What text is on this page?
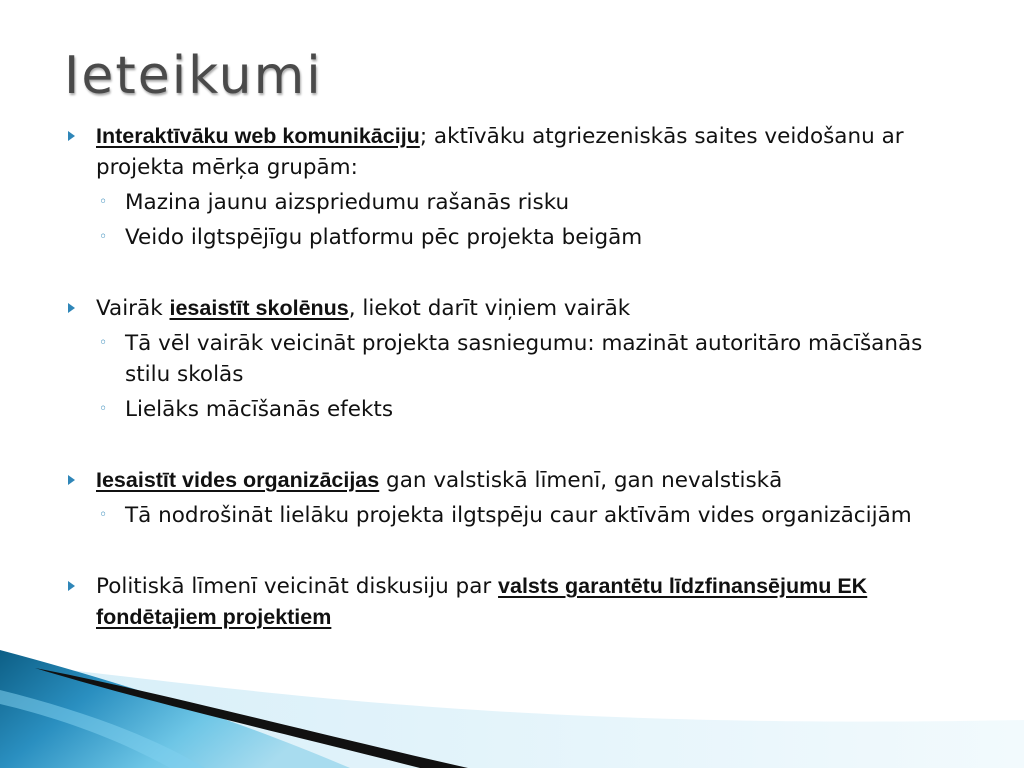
Ieteikumi
Interaktīvāku web komunikāciju; aktīvāku atgriezeniskās saites veidošanu ar projekta mērķa grupām:
◦ Mazina jaunu aizspriedumu rašanās risku
◦ Veido ilgtspējīgu platformu pēc projekta beigām
Vairāk iesaistīt skolēnus, liekot darīt viņiem vairāk
◦ Tā vēl vairāk veicināt projekta sasniegumu: mazināt autoritāro mācīšanās stilu skolās
◦ Lielāks mācīšanās efekts
Iesaistīt vides organizācijas gan valstiskā līmenī, gan nevalstiskā
◦ Tā nodrošināt lielāku projekta ilgtspēju caur aktīvām vides organizācijām
Politiskā līmenī veicināt diskusiju par valsts garantētu līdzfinansējumu EK fondētajiem projektiem
